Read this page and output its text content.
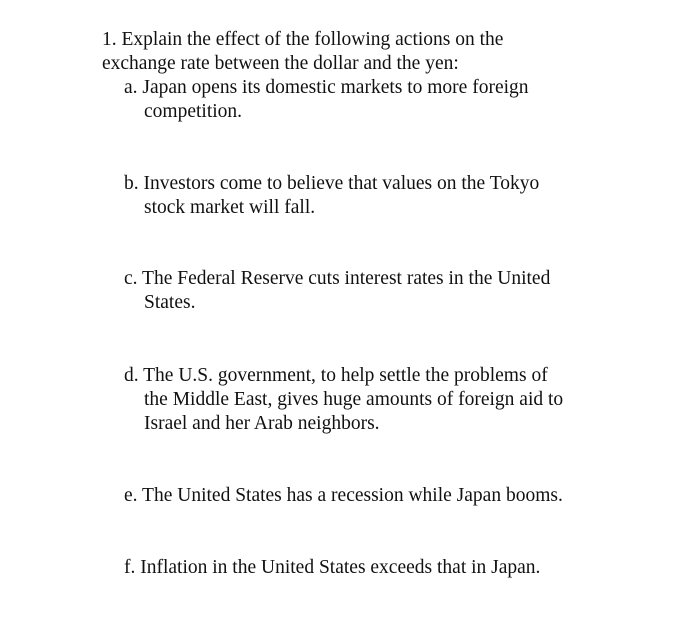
1. Explain the effect of the following actions on the
exchange rate between the dollar and the yen:
a. Japan opens its domestic markets to more foreign
competition.
b. Investors come to believe that values on the Tokyo
stock market will fall.
c. The Federal Reserve cuts interest rates in the United
States.
d. The U.S. government, to help settle the problems of
the Middle East, gives huge amounts of foreign aid to
Israel and her Arab neighbors.
e. The United States has a recession while Japan booms.
f. Inflation in the United States exceeds that in Japan.
